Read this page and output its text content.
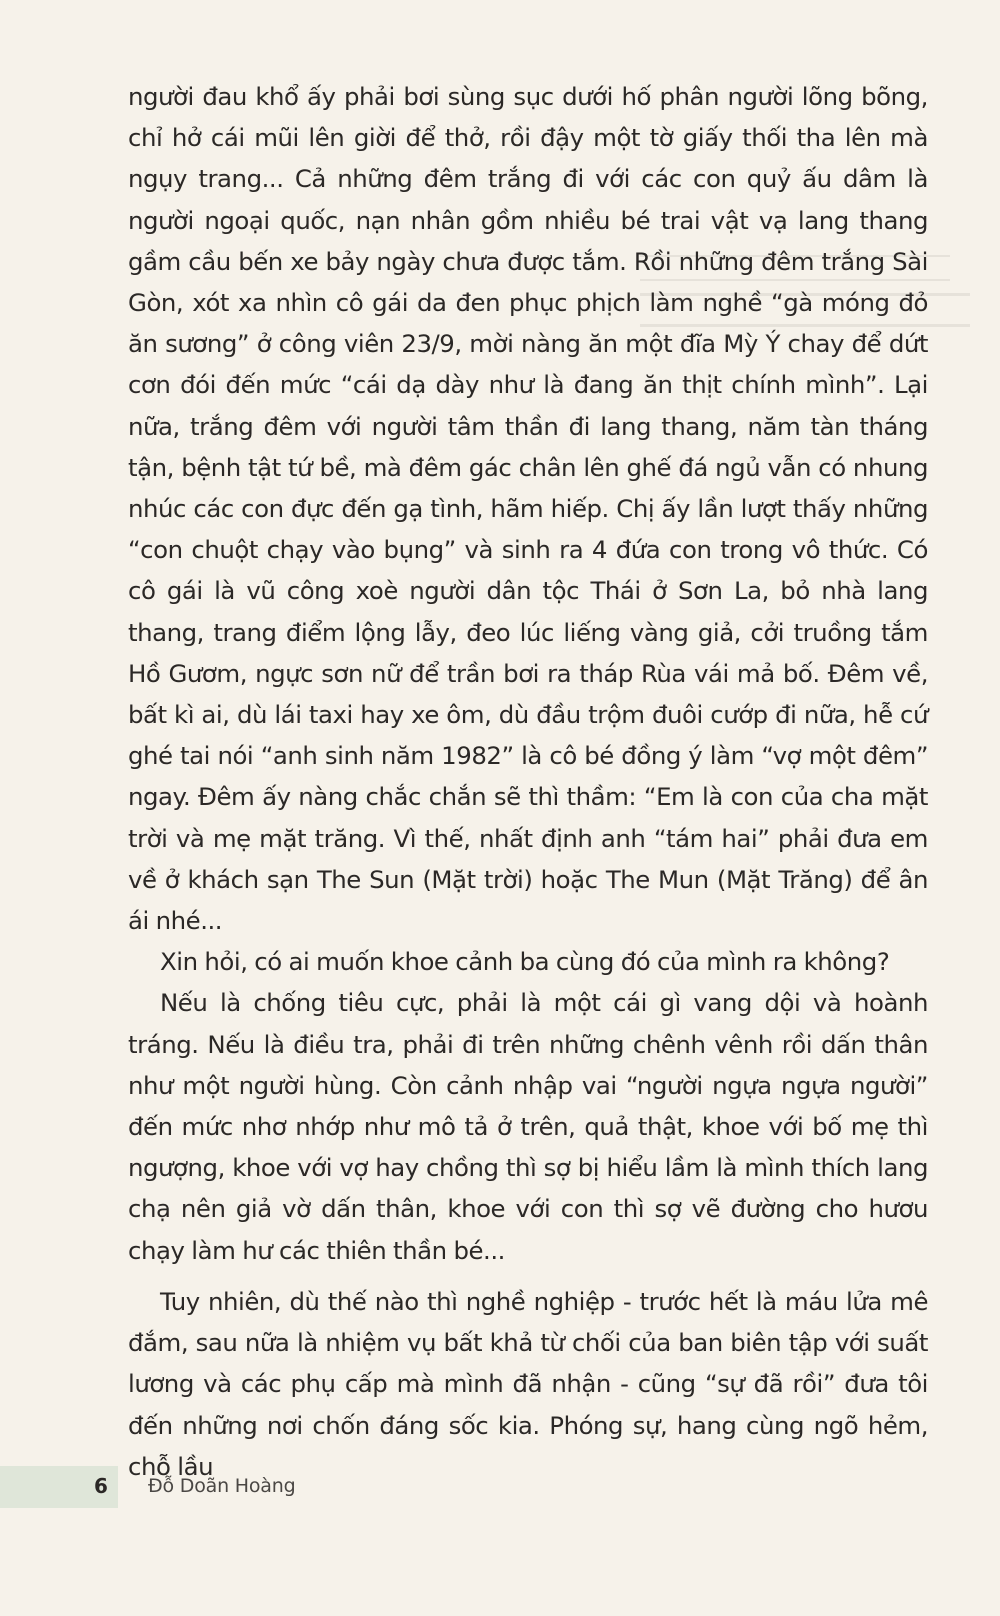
người đau khổ ấy phải bơi sùng sục dưới hố phân người lõng bõng, chỉ hở cái mũi lên giời để thở, rồi đậy một tờ giấy thối tha lên mà ngụy trang... Cả những đêm trắng đi với các con quỷ ấu dâm là người ngoại quốc, nạn nhân gồm nhiều bé trai vật vạ lang thang gầm cầu bến xe bảy ngày chưa được tắm. Rồi những đêm trắng Sài Gòn, xót xa nhìn cô gái da đen phục phịch làm nghề “gà móng đỏ ăn sương” ở công viên 23/9, mời nàng ăn một đĩa Mỳ Ý chay để dứt cơn đói đến mức “cái dạ dày như là đang ăn thịt chính mình”. Lại nữa, trắng đêm với người tâm thần đi lang thang, năm tàn tháng tận, bệnh tật tứ bề, mà đêm gác chân lên ghế đá ngủ vẫn có nhung nhúc các con đực đến gạ tình, hãm hiếp. Chị ấy lần lượt thấy những “con chuột chạy vào bụng” và sinh ra 4 đứa con trong vô thức. Có cô gái là vũ công xoè người dân tộc Thái ở Sơn La, bỏ nhà lang thang, trang điểm lộng lẫy, đeo lúc liếng vàng giả, cởi truồng tắm Hồ Gươm, ngực sơn nữ để trần bơi ra tháp Rùa vái mả bố. Đêm về, bất kì ai, dù lái taxi hay xe ôm, dù đầu trộm đuôi cướp đi nữa, hễ cứ ghé tai nói “anh sinh năm 1982” là cô bé đồng ý làm “vợ một đêm” ngay. Đêm ấy nàng chắc chắn sẽ thì thầm: “Em là con của cha mặt trời và mẹ mặt trăng. Vì thế, nhất định anh “tám hai” phải đưa em về ở khách sạn The Sun (Mặt trời) hoặc The Mun (Mặt Trăng) để ân ái nhé...

Xin hỏi, có ai muốn khoe cảnh ba cùng đó của mình ra không?

Nếu là chống tiêu cực, phải là một cái gì vang dội và hoành tráng. Nếu là điều tra, phải đi trên những chênh vênh rồi dấn thân như một người hùng. Còn cảnh nhập vai “người ngựa ngựa người” đến mức nhơ nhớp như mô tả ở trên, quả thật, khoe với bố mẹ thì ngượng, khoe với vợ hay chồng thì sợ bị hiểu lầm là mình thích lang chạ nên giả vờ dấn thân, khoe với con thì sợ vẽ đường cho hươu chạy làm hư các thiên thần bé...

Tuy nhiên, dù thế nào thì nghề nghiệp - trước hết là máu lửa mê đắm, sau nữa là nhiệm vụ bất khả từ chối của ban biên tập với suất lương và các phụ cấp mà mình đã nhận - cũng “sự đã rồi” đưa tôi đến những nơi chốn đáng sốc kia. Phóng sự, hang cùng ngõ hẻm, chỗ lầu

6 Đỗ Doãn Hoàng
